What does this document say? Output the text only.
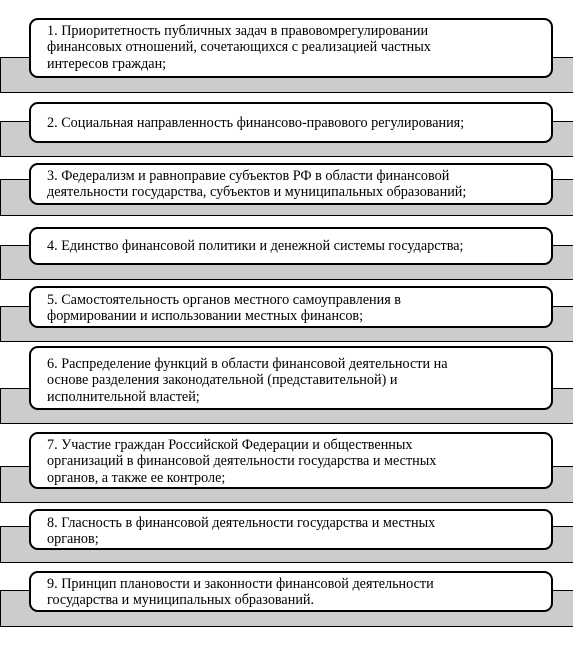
1. Приоритетность публичных задач в правовомрегулировании
финансовых отношений, сочетающихся с реализацией частных
интересов граждан;
2. Социальная направленность финансово-правового регулирования;
3. Федерализм и равноправие субъектов РФ в области финансовой
деятельности государства, субъектов и муниципальных образований;
4. Единство финансовой политики и денежной системы государства;
5. Самостоятельность органов местного самоуправления в
формировании и использовании местных финансов;
6. Распределение функций в области финансовой деятельности на
основе разделения законодательной (представительной) и
исполнительной властей;
7. Участие граждан Российской Федерации и общественных
организаций в финансовой деятельности государства и местных
органов, а также ее контроле;
8. Гласность в финансовой деятельности государства и местных
органов;
9. Принцип плановости и законности финансовой деятельности
государства и муниципальных образований.
